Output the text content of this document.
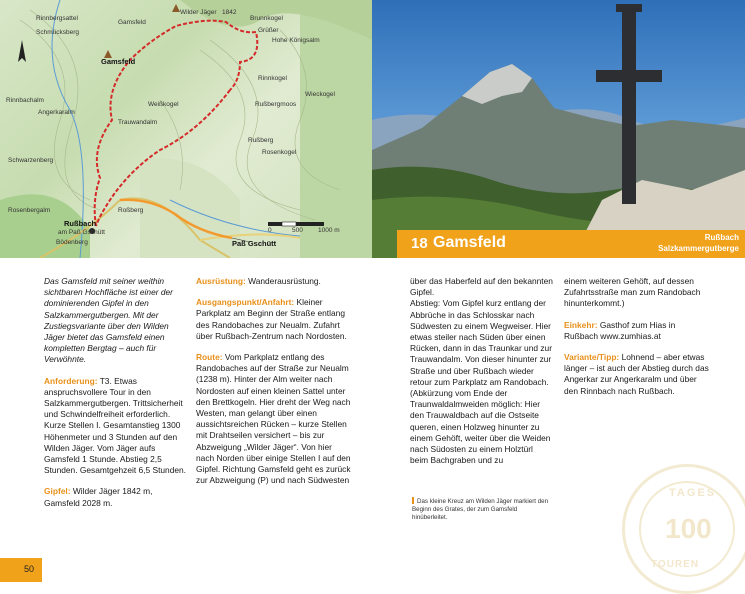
Wilder Jäger 1842
Rinnbergsattel
Schmücksberg
Gamsfeld
Gamsfeld
Brunnkogel
Grüßer
Hohe Königsalm
Rinnkogel
Wieckogel
Weißkogel
Trauwandalm
Rußberg
Rußbergmoos
Rosenkogel
Rinnbachalm
Angerkaralm
Schwarzenberg
Roßberg
Rosenbergalm
Rußbach
am Paß Gschütt
Bödenberg	Paß Gschütt
0	500 1000 m
18 Gamsfeld	Rußbach
Salzkammergutberge

Das Gamsfeld mit seiner weithin sichtbaren Hochfläche ist einer der dominierenden Gipfel in den Salzkammergutbergen. Mit der Zustiegsvariante über den Wilden Jäger bietet das Gamsfeld einen kompletten Bergtag – auch für Verwöhnte.

Anforderung: T3. Etwas anspruchsvollere Tour in den Salzkammergutbergen. Trittsicherheit und Schwindelfreiheit erforderlich. Kurze Stellen I. Gesamtanstieg 1300 Höhenmeter und 3 Stunden auf den Wilden Jäger. Vom Jäger aufs Gamsfeld 1 Stunde. Abstieg 2,5 Stunden. Gesamtgehzeit 6,5 Stunden.

Gipfel: Wilder Jäger 1842 m, Gamsfeld 2028 m.

Ausrüstung: Wanderausrüstung.

Ausgangspunkt/Anfahrt: Kleiner Parkplatz am Beginn der Straße entlang des Randobaches zur Neualm. Zufahrt über Rußbach-Zentrum nach Nordosten.

Route: Vom Parkplatz entlang des Randobaches auf der Straße zur Neualm (1238 m). Hinter der Alm weiter nach Nordosten auf einen kleinen Sattel unter den Brettkogeln. Hier dreht der Weg nach Westen, man gelangt über einen aussichtsreichen Rücken – kurze Stellen mit Drahtseilen versichert – bis zur Abzweigung „Wilder Jäger“. Von hier nach Norden über einige Stellen I auf den Gipfel. Richtung Gamsfeld geht es zurück zur Abzweigung (P) und nach Südwesten

über das Haberfeld auf den bekannten Gipfel.

Abstieg: Vom Gipfel kurz entlang der Abbrüche in das Schlosskar nach Südwesten zu einem Wegweiser. Hier etwas steiler nach Süden über einen Rücken, dann in das Traunkar und zur Trauwandalm. Von dieser hinunter zur Straße und über Rußbach wieder retour zum Parkplatz am Randobach. (Abkürzung vom Ende der Traunwaldalmweiden möglich: Hier den Trauwaldbach auf die Ostseite queren, einen Holzweg hinunter zu einem Gehöft, weiter über die Weiden nach Südosten zu einem Holztürl beim Bachgraben und zu

Das kleine Kreuz am Wilden Jäger markiert den Beginn des Grates, der zum Gamsfeld hinüberleitet.

einem weiteren Gehöft, auf dessen Zufahrtsstraße man zum Randobach hinunterkommt.)

Einkehr: Gasthof zum Hias in Rußbach www.zumhias.at

Variante/Tipp: Lohnend – aber etwas länger – ist auch der Abstieg durch das Angerkar zur Angerkaralm und über den Rinnbach nach Rußbach.

TAGES
100
TOUREN
50
